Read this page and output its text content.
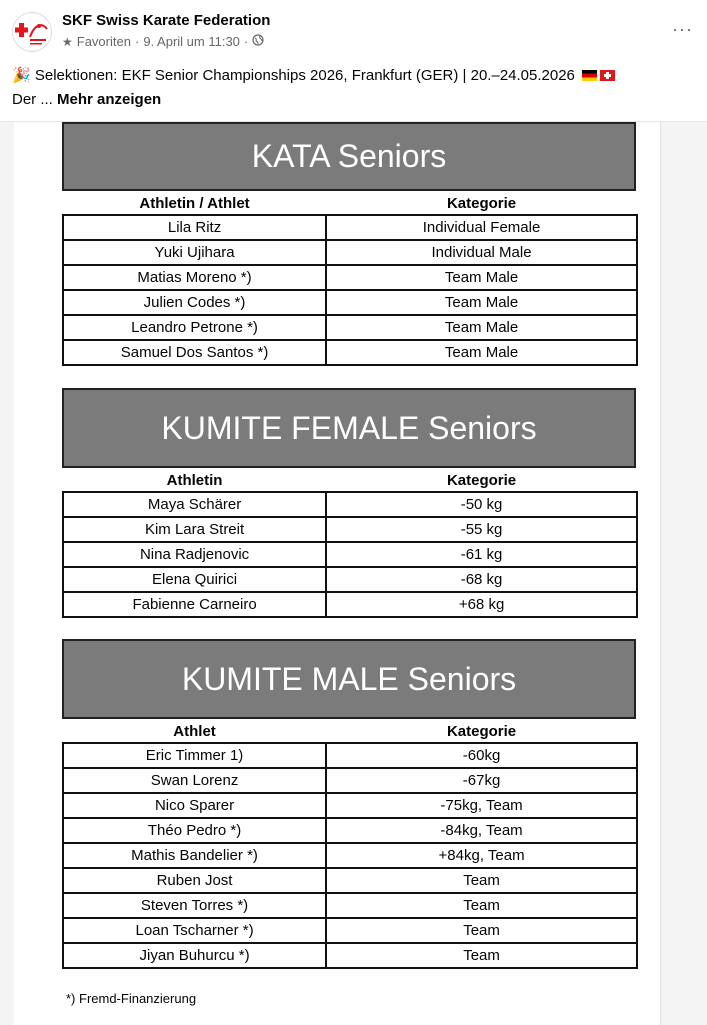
SKF Swiss Karate Federation
★ Favoriten · 9. April um 11:30 ·
···
🎉 Selektionen: EKF Senior Championships 2026, Frankfurt (GER) | 20.–24.05.2026
Der ... Mehr anzeigen
KATA Seniors
Athletin / Athlet	Kategorie
Lila Ritz	Individual Female
Yuki Ujihara	Individual Male
Matias Moreno *)	Team Male
Julien Codes *)	Team Male
Leandro Petrone *)	Team Male
Samuel Dos Santos *)	Team Male
KUMITE FEMALE Seniors
Athletin	Kategorie
Maya Schärer	-50 kg
Kim Lara Streit	-55 kg
Nina Radjenovic	-61 kg
Elena Quirici	-68 kg
Fabienne Carneiro	+68 kg
KUMITE MALE Seniors
Athlet	Kategorie
Eric Timmer 1)	-60kg
Swan Lorenz	-67kg
Nico Sparer	-75kg, Team
Théo Pedro *)	-84kg, Team
Mathis Bandelier *)	+84kg, Team
Ruben Jost	Team
Steven Torres *)	Team
Loan Tscharner *)	Team
Jiyan Buhurcu *)	Team
*) Fremd-Finanzierung
